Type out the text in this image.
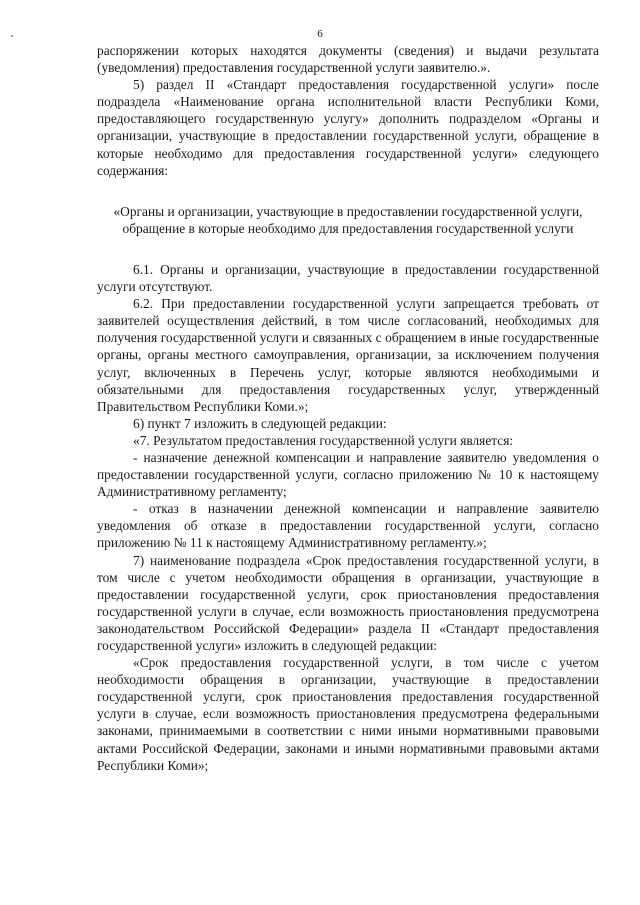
6

распоряжении которых находятся документы (сведения) и выдачи результата (уведомления) предоставления государственной услуги заявителю.».

5) раздел II «Стандарт предоставления государственной услуги» после подраздела «Наименование органа исполнительной власти Республики Коми, предоставляющего государственную услугу» дополнить подразделом «Органы и организации, участвующие в предоставлении государственной услуги, обращение в которые необходимо для предоставления государственной услуги» следующего содержания:

«Органы и организации, участвующие в предоставлении государственной услуги, обращение в которые необходимо для предоставления государственной услуги

6.1. Органы и организации, участвующие в предоставлении государственной услуги отсутствуют.

6.2. При предоставлении государственной услуги запрещается требовать от заявителей осуществления действий, в том числе согласований, необходимых для получения государственной услуги и связанных с обращением в иные государственные органы, органы местного самоуправления, организации, за исключением получения услуг, включенных в Перечень услуг, которые являются необходимыми и обязательными для предоставления государственных услуг, утвержденный Правительством Республики Коми.»;

6) пункт 7 изложить в следующей редакции:

«7. Результатом предоставления государственной услуги является:

- назначение денежной компенсации и направление заявителю уведомления о предоставлении государственной услуги, согласно приложению № 10 к настоящему Административному регламенту;

- отказ в назначении денежной компенсации и направление заявителю уведомления об отказе в предоставлении государственной услуги, согласно приложению № 11 к настоящему Административному регламенту.»;

7) наименование подраздела «Срок предоставления государственной услуги, в том числе с учетом необходимости обращения в организации, участвующие в предоставлении государственной услуги, срок приостановления предоставления государственной услуги в случае, если возможность приостановления предусмотрена законодательством Российской Федерации» раздела II «Стандарт предоставления государственной услуги» изложить в следующей редакции:

«Срок предоставления государственной услуги, в том числе с учетом необходимости обращения в организации, участвующие в предоставлении государственной услуги, срок приостановления предоставления государственной услуги в случае, если возможность приостановления предусмотрена федеральными законами, принимаемыми в соответствии с ними иными нормативными правовыми актами Российской Федерации, законами и иными нормативными правовыми актами Республики Коми»;
